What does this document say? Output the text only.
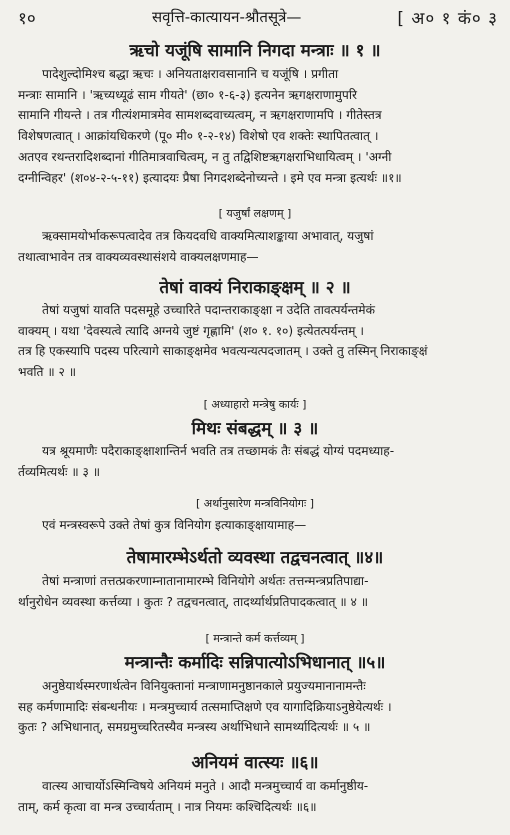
१०	सवृत्ति-कात्यायन-श्रौतसूत्रे—	[ अ० १ कं० ३
ऋचो यजूंषि सामानि निगदा मन्त्राः ॥ १ ॥
पादेशुल्दोमिश्च बद्धा ऋचः । अनियताक्षरावसानानि च यजूंषि । प्रगीता
मन्त्राः सामानि । 'ऋच्यध्यूढं साम गीयते' (छा० १-६-३) इत्यनेन ऋगक्षराणामुपरि
सामानि गीयन्ते । तत्र गीत्यंशमात्रमेव सामशब्दवाच्यत्वम्, न ऋगक्षराणामपि । गीतेस्तत्र
विशेषणत्वात् । आक्रांयधिकरणे (पू० मी० १-२-१४) विशेषो एव शक्तेः स्थापितत्वात् ।
अतएव रथन्तरादिशब्दानां गीतिमात्रवाचित्वम्, न तु तद्विशिष्टऋगक्षराभिधायित्वम् । 'अग्नी
दग्नीन्विहर' (श०४-२-५-११) इत्यादयः प्रैषा निगदशब्देनोच्यन्ते । इमे एव मन्त्रा इत्यर्थः ॥१॥
[ यजुर्षां लक्षणम् ]
ऋक्सामयोर्भाकरूपत्वादेव तत्र कियदवधि वाक्यमित्याशङ्काया अभावात्, यजुषां
तथात्वाभावेन तत्र वाक्यव्यवस्थासंशये वाक्यलक्षणमाह—
तेषां वाक्यं निराकाङ्क्षम् ॥ २ ॥
तेषां यजुषां यावति पदसमूहे उच्चारिते पदान्तराकाङ्क्षा न उदेति तावत्पर्यन्तमेकं
वाक्यम् । यथा 'देवस्यत्वे त्यादि अग्नये जुष्टं गृह्णामि' (श० १. १०) इत्येतत्पर्यन्तम् ।
तत्र हि एकस्यापि पदस्य परित्यागे साकाङ्क्षमेव भवत्यन्यत्पदजातम् । उक्ते तु तस्मिन् निराकाङ्क्षं
भवति ॥ २ ॥
[ अध्याहारो मन्त्रेषु कार्यः ]
मिथः संबद्धम् ॥ ३ ॥
यत्र श्रूयमाणैः पदैराकाङ्क्षाशान्तिर्न भवति तत्र तच्छामकं तैः संबद्धं योग्यं पदमध्याह-
र्तव्यमित्यर्थः ॥ ३ ॥
[ अर्थानुसारेण मन्त्रविनियोगः ]
एवं मन्त्रस्वरूपे उक्ते तेषां कुत्र विनियोग इत्याकाङ्क्षायामाह—
तेषामारम्भेऽर्थतो व्यवस्था तद्वचनत्वात् ॥४॥
तेषां मन्त्राणां तत्तत्प्रकरणाम्नातानामारम्भे विनियोगे अर्थतः तत्तन्मन्त्रप्रतिपाद्या-
र्थानुरोधेन व्यवस्था कर्त्तव्या । कुतः ? तद्वचनत्वात्, तादर्थ्यार्थप्रतिपादकत्वात् ॥ ४ ॥
[ मन्त्रान्ते कर्म कर्त्तव्यम् ]
मन्त्रान्तैः कर्मादिः सन्निपात्योऽभिधानात् ॥५॥
अनुष्ठेयार्थस्मरणार्थत्वेन विनियुक्तानां मन्त्राणामनुष्ठानकाले प्रयुज्यमानानामन्तैः
सह कर्मणामादिः संबन्धनीयः । मन्त्रमुच्चार्य तत्समाप्तिक्षणे एव यागादिक्रियाऽनुष्ठेयेत्यर्थः ।
कुतः ? अभिधानात्, समग्रमुच्चरितस्यैव मन्त्रस्य अर्थाभिधाने सामर्थ्यादित्यर्थः ॥ ५ ॥
अनियमं वात्स्यः ॥६॥
वात्स्य आचार्योऽस्मिन्विषये अनियमं मनुते । आदौ मन्त्रमुच्चार्य वा कर्मानुष्ठीय-
ताम्, कर्म कृत्वा वा मन्त्र उच्चार्यताम् । नात्र नियमः कश्चिदित्यर्थः ॥६॥
